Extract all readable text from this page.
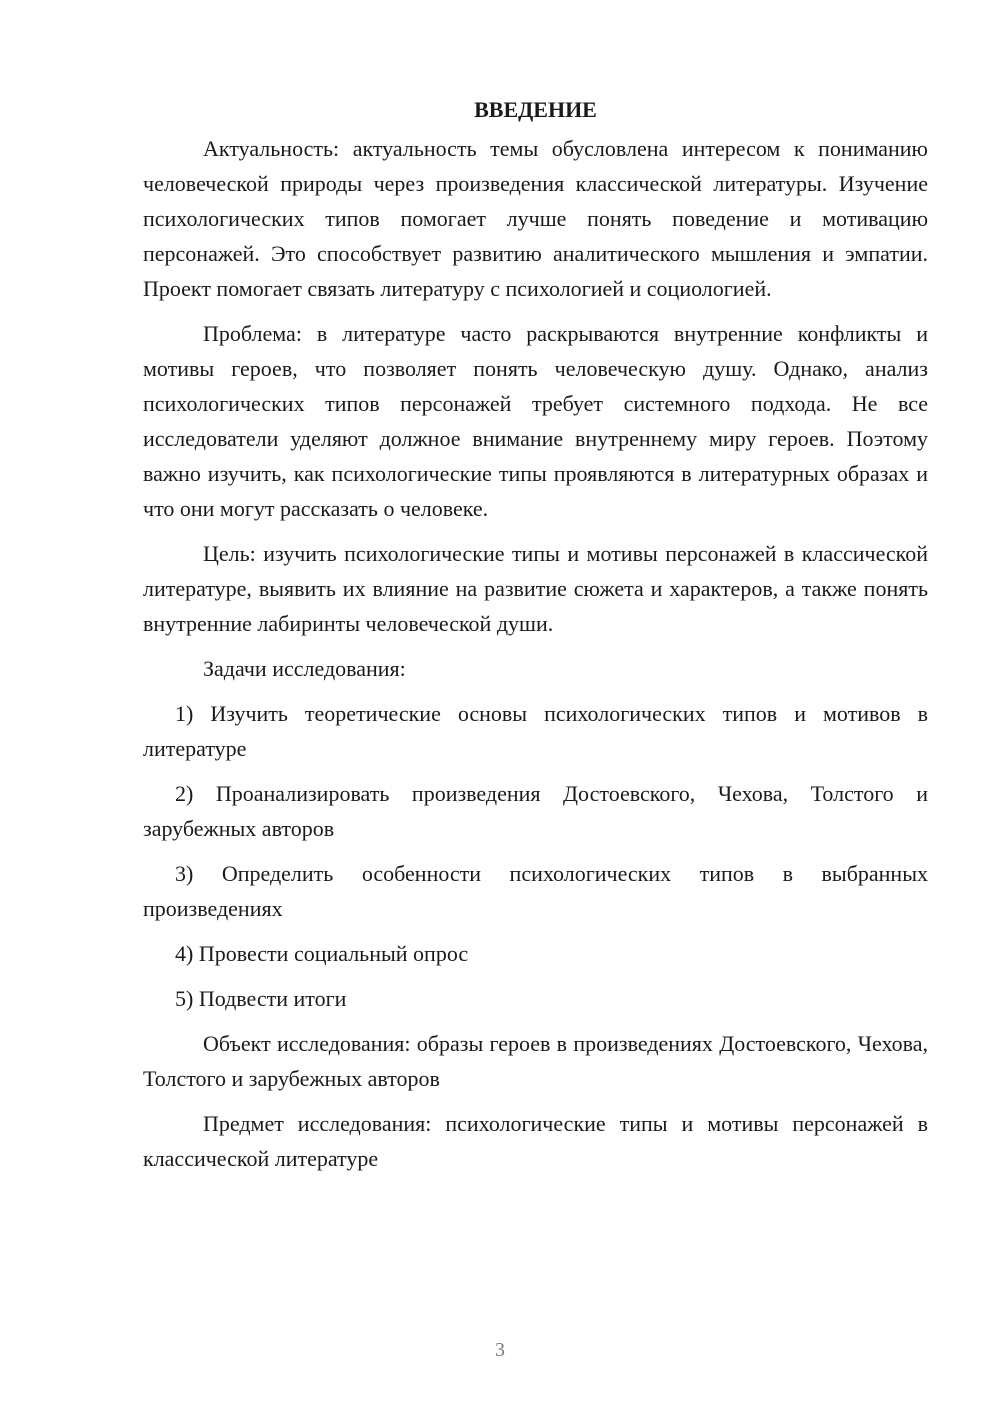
ВВЕДЕНИЕ

Актуальность: актуальность темы обусловлена интересом к пониманию человеческой природы через произведения классической литературы. Изучение психологических типов помогает лучше понять поведение и мотивацию персонажей. Это способствует развитию аналитического мышления и эмпатии. Проект помогает связать литературу с психологией и социологией.

Проблема: в литературе часто раскрываются внутренние конфликты и мотивы героев, что позволяет понять человеческую душу. Однако, анализ психологических типов персонажей требует системного подхода. Не все исследователи уделяют должное внимание внутреннему миру героев. Поэтому важно изучить, как психологические типы проявляются в литературных образах и что они могут рассказать о человеке.

Цель: изучить психологические типы и мотивы персонажей в классической литературе, выявить их влияние на развитие сюжета и характеров, а также понять внутренние лабиринты человеческой души.

Задачи исследования:

1) Изучить теоретические основы психологических типов и мотивов в литературе

2) Проанализировать произведения Достоевского, Чехова, Толстого и зарубежных авторов

3) Определить особенности психологических типов в выбранных произведениях

4) Провести социальный опрос

5) Подвести итоги

Объект исследования: образы героев в произведениях Достоевского, Чехова, Толстого и зарубежных авторов

Предмет исследования: психологические типы и мотивы персонажей в классической литературе

3
